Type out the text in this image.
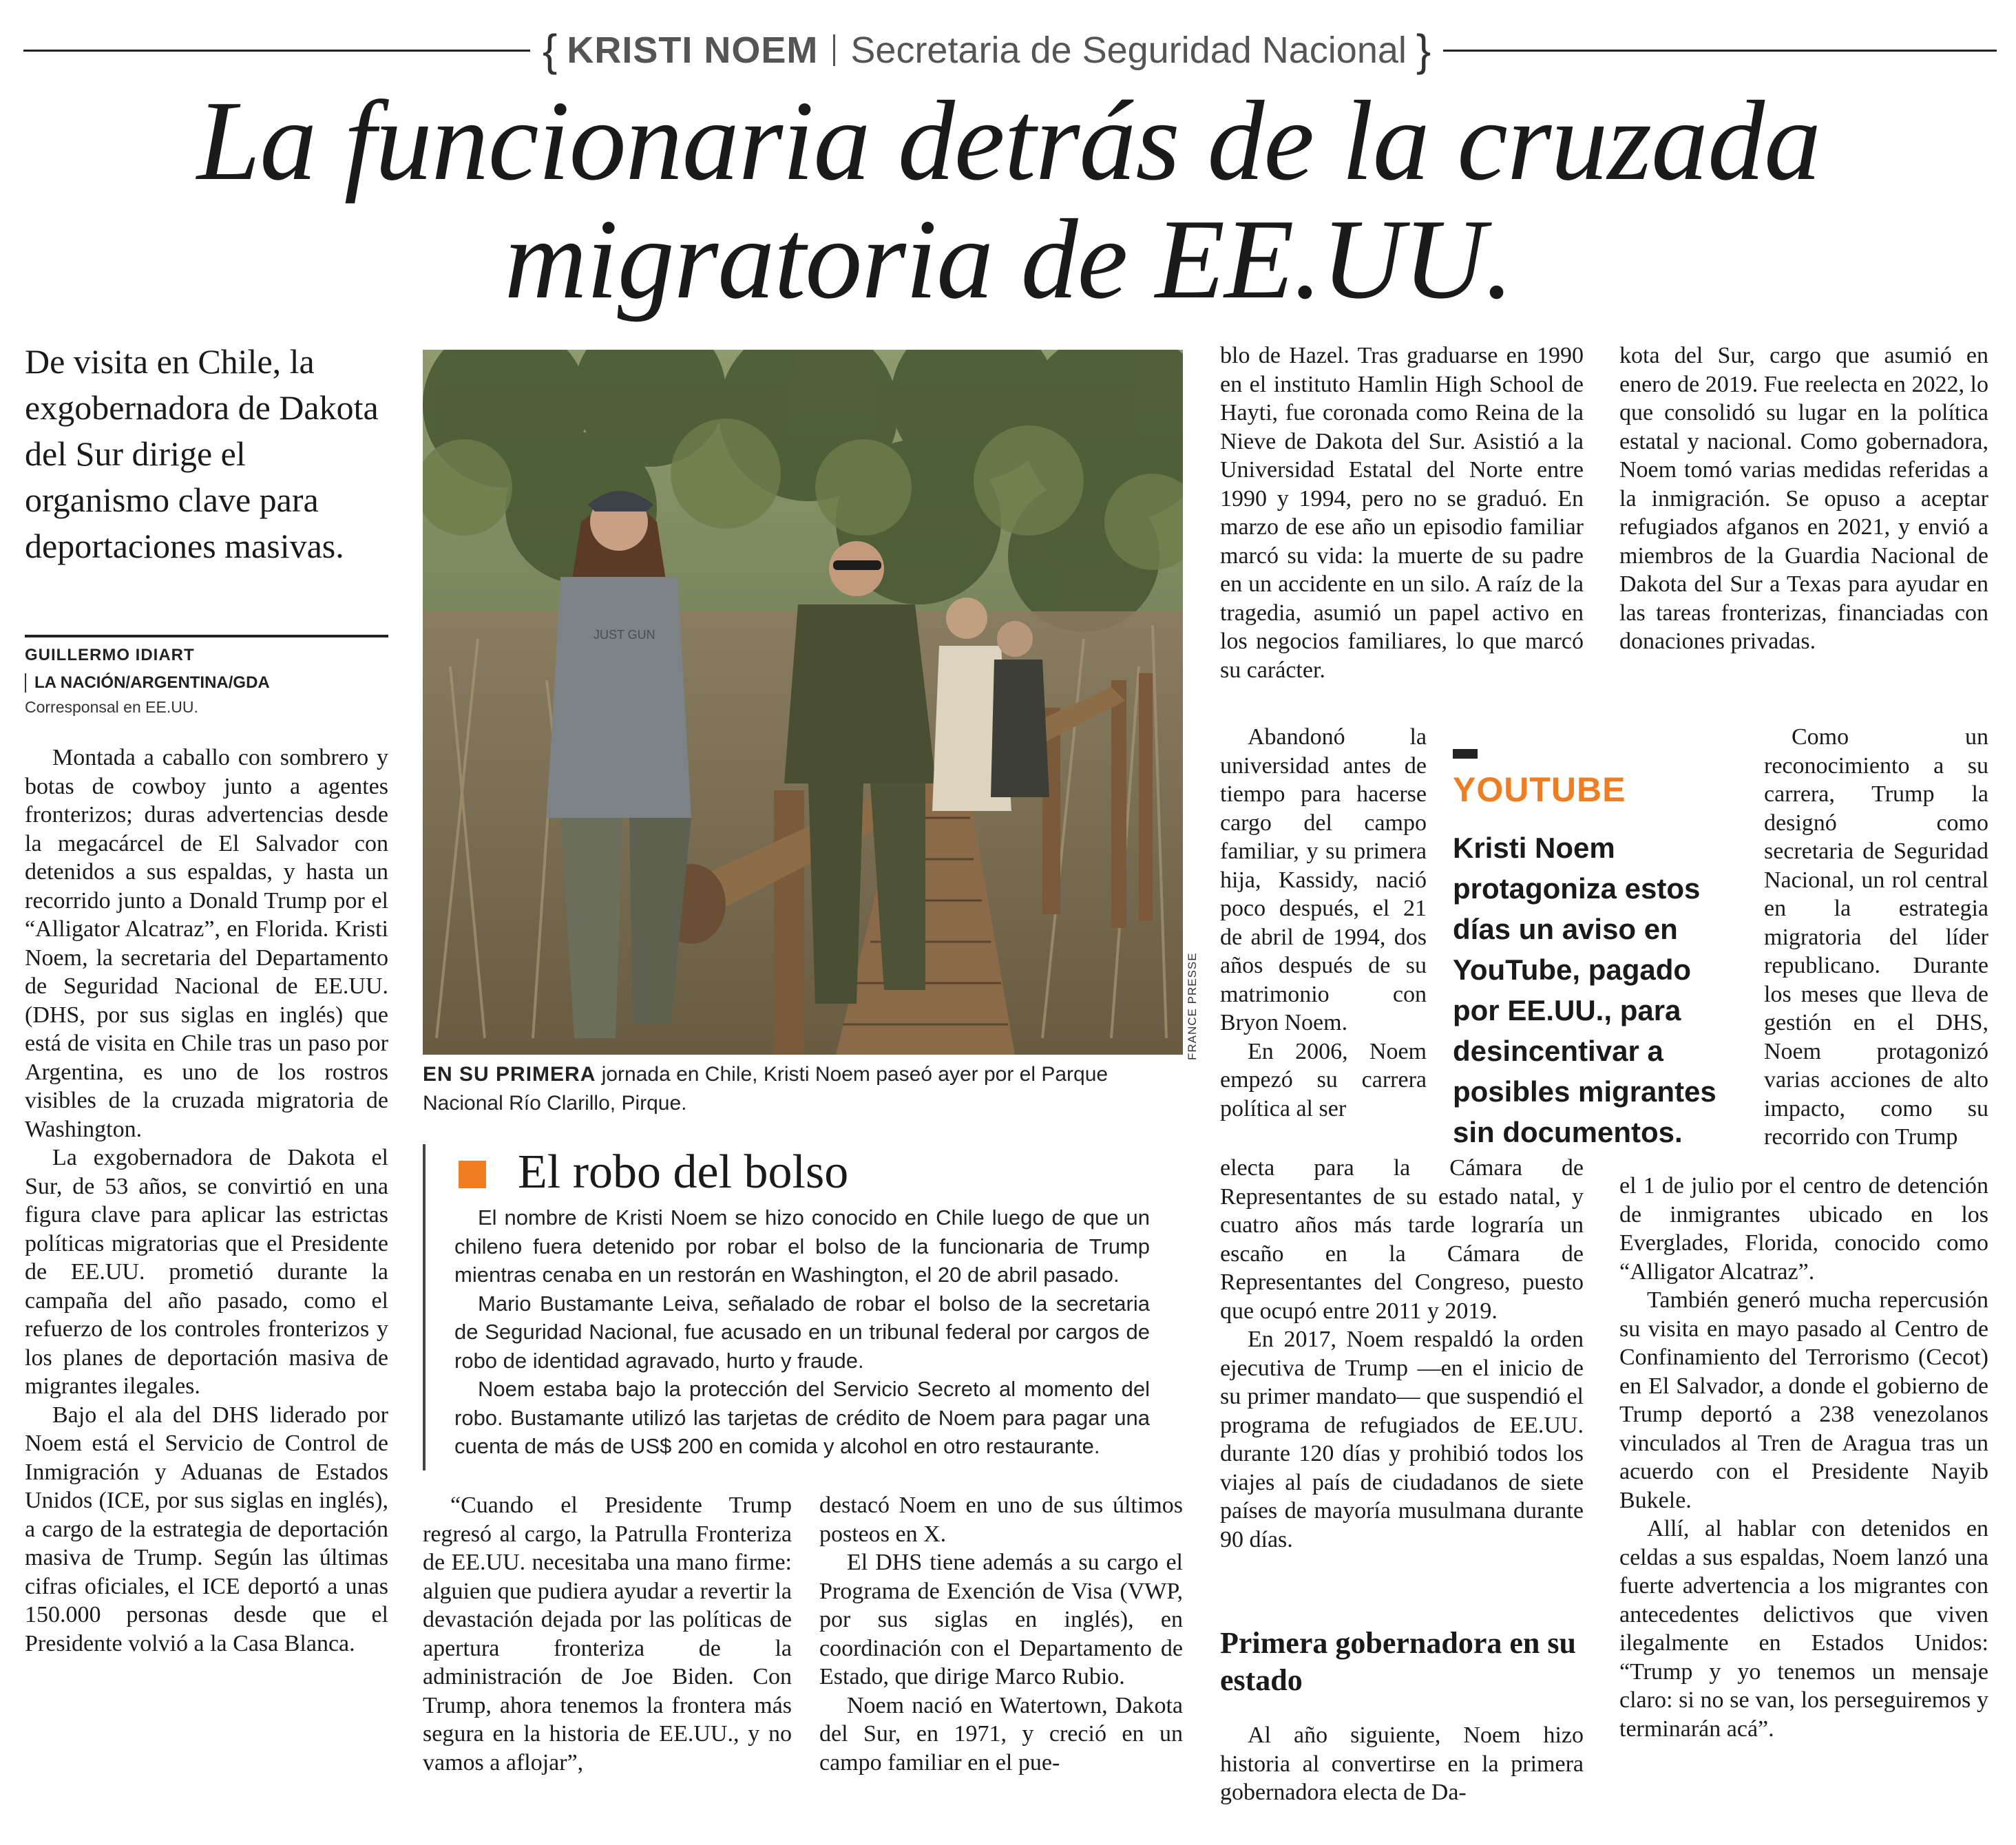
{ KRISTI NOEM Secretaria de Seguridad Nacional }
La funcionaria detrás de la cruzada
migratoria de EE.UU.
De visita en Chile, la exgobernadora de Dakota del Sur dirige el organismo clave para deportaciones masivas.
GUILLERMO IDIART
LA NACIÓN/ARGENTINA/GDA
Corresponsal en EE.UU.

Montada a caballo con sombrero y botas de cowboy junto a agentes fronterizos; duras advertencias desde la megacárcel de El Salvador con detenidos a sus espaldas, y hasta un recorrido junto a Donald Trump por el “Alligator Alcatraz”, en Florida. Kristi Noem, la secretaria del Departamento de Seguridad Nacional de EE.UU. (DHS, por sus siglas en inglés) que está de visita en Chile tras un paso por Argentina, es uno de los rostros visibles de la cruzada migratoria de Washington.

La exgobernadora de Dakota el Sur, de 53 años, se convirtió en una figura clave para aplicar las estrictas políticas migratorias que el Presidente de EE.UU. prometió durante la campaña del año pasado, como el refuerzo de los controles fronterizos y los planes de deportación masiva de migrantes ilegales.

Bajo el ala del DHS liderado por Noem está el Servicio de Control de Inmigración y Aduanas de Estados Unidos (ICE, por sus siglas en inglés), a cargo de la estrategia de deportación masiva de Trump. Según las últimas cifras oficiales, el ICE deportó a unas 150.000 personas desde que el Presidente volvió a la Casa Blanca.

JUST GUN
FRANCE PRESSE
EN SU PRIMERA jornada en Chile, Kristi Noem paseó ayer por el Parque Nacional Río Clarillo, Pirque.
El robo del bolso

El nombre de Kristi Noem se hizo conocido en Chile luego de que un chileno fuera detenido por robar el bolso de la funcionaria de Trump mientras cenaba en un restorán en Washington, el 20 de abril pasado.

Mario Bustamante Leiva, señalado de robar el bolso de la secretaria de Seguridad Nacional, fue acusado en un tribunal federal por cargos de robo de identidad agravado, hurto y fraude.

Noem estaba bajo la protección del Servicio Secreto al momento del robo. Bustamante utilizó las tarjetas de crédito de Noem para pagar una cuenta de más de US$ 200 en comida y alcohol en otro restaurante.

“Cuando el Presidente Trump regresó al cargo, la Patrulla Fronteriza de EE.UU. necesitaba una mano firme: alguien que pudiera ayudar a revertir la devastación dejada por las políticas de apertura fronteriza de la administración de Joe Biden. Con Trump, ahora tenemos la frontera más segura en la historia de EE.UU., y no vamos a aflojar”,

destacó Noem en uno de sus últimos posteos en X.

El DHS tiene además a su cargo el Programa de Exención de Visa (VWP, por sus siglas en inglés), en coordinación con el Departamento de Estado, que dirige Marco Rubio.

Noem nació en Watertown, Dakota del Sur, en 1971, y creció en un campo familiar en el pue-

blo de Hazel. Tras graduarse en 1990 en el instituto Hamlin High School de Hayti, fue coronada como Reina de la Nieve de Dakota del Sur. Asistió a la Universidad Estatal del Norte entre 1990 y 1994, pero no se graduó. En marzo de ese año un episodio familiar marcó su vida: la muerte de su padre en un accidente en un silo. A raíz de la tragedia, asumió un papel activo en los negocios familiares, lo que marcó su carácter.

Abandonó la universidad antes de tiempo para hacerse cargo del campo familiar, y su primera hija, Kassidy, nació poco después, el 21 de abril de 1994, dos años después de su matrimonio con Bryon Noem.

En 2006, Noem empezó su carrera política al ser

electa para la Cámara de Representantes de su estado natal, y cuatro años más tarde lograría un escaño en la Cámara de Representantes del Congreso, puesto que ocupó entre 2011 y 2019.

En 2017, Noem respaldó la orden ejecutiva de Trump —en el inicio de su primer mandato— que suspendió el programa de refugiados de EE.UU. durante 120 días y prohibió todos los viajes al país de ciudadanos de siete países de mayoría musulmana durante 90 días.

Primera gobernadora en su estado

Al año siguiente, Noem hizo historia al convertirse en la primera gobernadora electa de Da-

YOUTUBE
Kristi Noem protagoniza estos días un aviso en YouTube, pagado por EE.UU., para desincentivar a posibles migrantes sin documentos.

kota del Sur, cargo que asumió en enero de 2019. Fue reelecta en 2022, lo que consolidó su lugar en la política estatal y nacional. Como gobernadora, Noem tomó varias medidas referidas a la inmigración. Se opuso a aceptar refugiados afganos en 2021, y envió a miembros de la Guardia Nacional de Dakota del Sur a Texas para ayudar en las tareas fronterizas, financiadas con donaciones privadas.

Como un reconocimiento a su carrera, Trump la designó como secretaria de Seguridad Nacional, un rol central en la estrategia migratoria del líder republicano. Durante los meses que lleva de gestión en el DHS, Noem protagonizó varias acciones de alto impacto, como su recorrido con Trump

el 1 de julio por el centro de detención de inmigrantes ubicado en los Everglades, Florida, conocido como “Alligator Alcatraz”.

También generó mucha repercusión su visita en mayo pasado al Centro de Confinamiento del Terrorismo (Cecot) en El Salvador, a donde el gobierno de Trump deportó a 238 venezolanos vinculados al Tren de Aragua tras un acuerdo con el Presidente Nayib Bukele.

Allí, al hablar con detenidos en celdas a sus espaldas, Noem lanzó una fuerte advertencia a los migrantes con antecedentes delictivos que viven ilegalmente en Estados Unidos: “Trump y yo tenemos un mensaje claro: si no se van, los perseguiremos y terminarán acá”.
